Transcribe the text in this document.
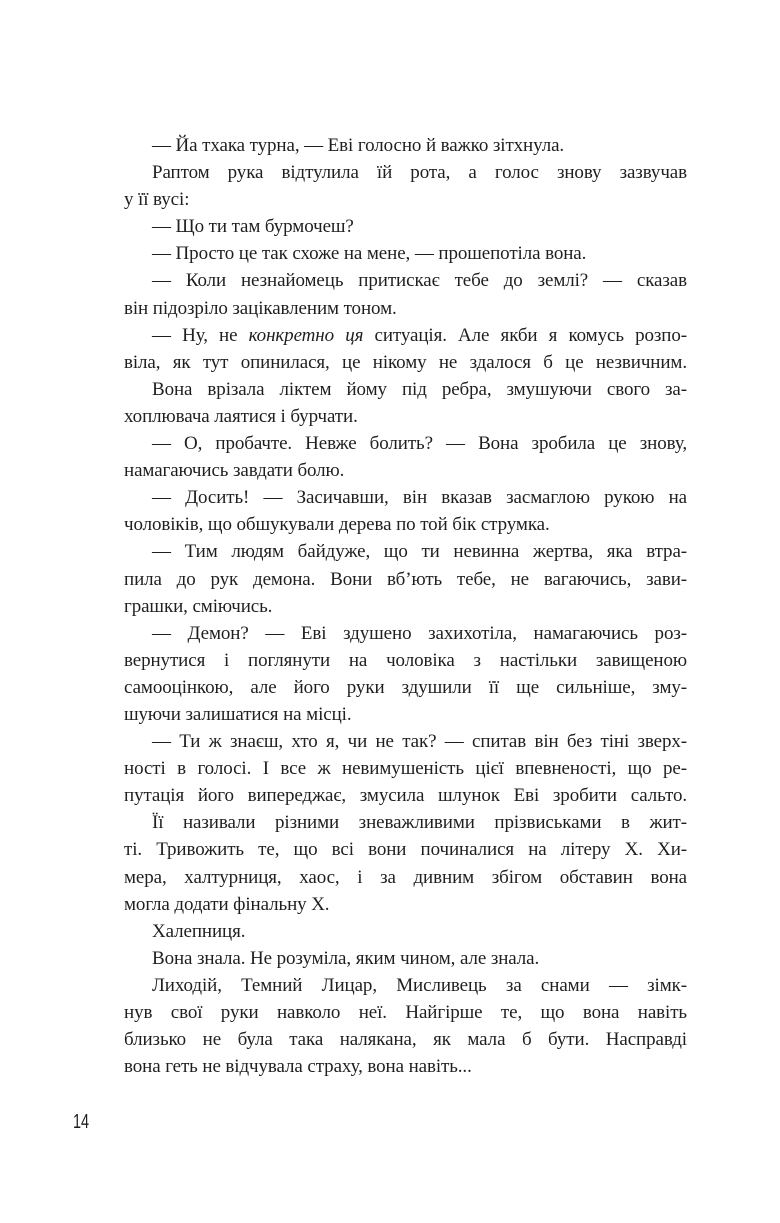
— Йа тхака турна, — Еві голосно й важко зітхнула.
Раптом рука відтулила їй рота, а голос знову зазвучав
у її вусі:
— Що ти там бурмочеш?
— Просто це так схоже на мене, — прошепотіла вона.
— Коли незнайомець притискає тебе до землі? — сказав
він підозріло зацікавленим тоном.
— Ну, не конкретно ця ситуація. Але якби я комусь розпо-
віла, як тут опинилася, це нікому не здалося б це незвичним.
Вона врізала ліктем йому під ребра, змушуючи свого за-
хоплювача лаятися і бурчати.
— О, пробачте. Невже болить? — Вона зробила це знову,
намагаючись завдати болю.
— Досить! — Засичавши, він вказав засмаглою рукою на
чоловіків, що обшукували дерева по той бік струмка.
— Тим людям байдуже, що ти невинна жертва, яка втра-
пила до рук демона. Вони вб’ють тебе, не вагаючись, зави-
грашки, сміючись.
— Демон? — Еві здушено захихотіла, намагаючись роз-
вернутися і поглянути на чоловіка з настільки завищеною
самооцінкою, але його руки здушили її ще сильніше, зму-
шуючи залишатися на місці.
— Ти ж знаєш, хто я, чи не так? — спитав він без тіні зверх-
ності в голосі. І все ж невимушеність цієї впевненості, що ре-
путація його випереджає, змусила шлунок Еві зробити сальто.
Її називали різними зневажливими прізвиськами в жит-
ті. Тривожить те, що всі вони починалися на літеру Х. Хи-
мера, халтурниця, хаос, і за дивним збігом обставин вона
могла додати фінальну Х.
Халепниця.
Вона знала. Не розуміла, яким чином, але знала.
Лиходій, Темний Лицар, Мисливець за снами — зімк-
нув свої руки навколо неї. Найгірше те, що вона навіть
близько не була така налякана, як мала б бути. Насправді
вона геть не відчувала страху, вона навіть...
14
